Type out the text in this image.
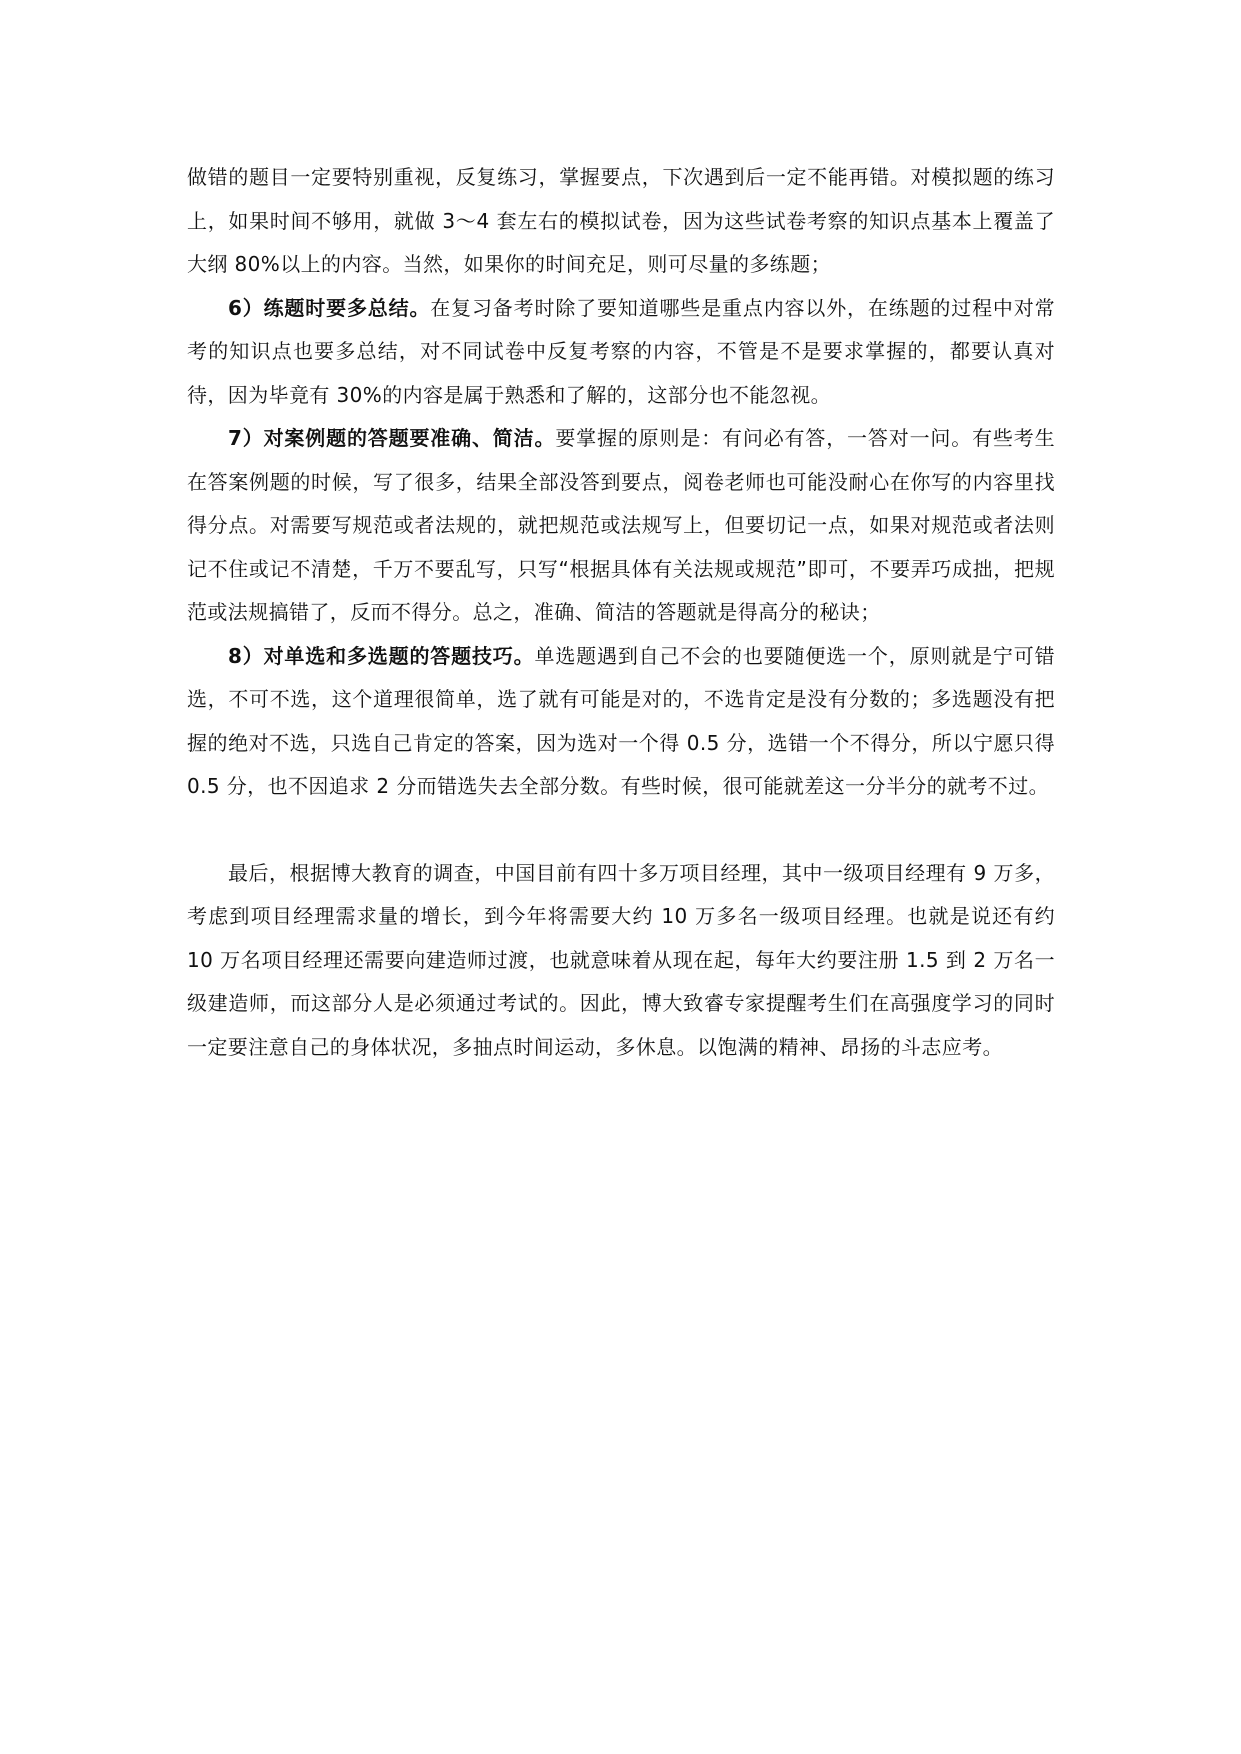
做错的题目一定要特别重视，反复练习，掌握要点，下次遇到后一定不能再错。对模拟题的练习上，如果时间不够用，就做 3～4 套左右的模拟试卷，因为这些试卷考察的知识点基本上覆盖了大纲 80%以上的内容。当然，如果你的时间充足，则可尽量的多练题；

6）练题时要多总结。在复习备考时除了要知道哪些是重点内容以外，在练题的过程中对常考的知识点也要多总结，对不同试卷中反复考察的内容，不管是不是要求掌握的，都要认真对待，因为毕竟有 30%的内容是属于熟悉和了解的，这部分也不能忽视。

7）对案例题的答题要准确、简洁。要掌握的原则是：有问必有答，一答对一问。有些考生在答案例题的时候，写了很多，结果全部没答到要点，阅卷老师也可能没耐心在你写的内容里找得分点。对需要写规范或者法规的，就把规范或法规写上，但要切记一点，如果对规范或者法则记不住或记不清楚，千万不要乱写，只写“根据具体有关法规或规范”即可，不要弄巧成拙，把规范或法规搞错了，反而不得分。总之，准确、简洁的答题就是得高分的秘诀；

8）对单选和多选题的答题技巧。单选题遇到自己不会的也要随便选一个，原则就是宁可错选，不可不选，这个道理很简单，选了就有可能是对的，不选肯定是没有分数的；多选题没有把握的绝对不选，只选自己肯定的答案，因为选对一个得 0.5 分，选错一个不得分，所以宁愿只得 0.5 分，也不因追求 2 分而错选失去全部分数。有些时候，很可能就差这一分半分的就考不过。

最后，根据博大教育的调查，中国目前有四十多万项目经理，其中一级项目经理有 9 万多，考虑到项目经理需求量的增长，到今年将需要大约 10 万多名一级项目经理。也就是说还有约 10 万名项目经理还需要向建造师过渡，也就意味着从现在起，每年大约要注册 1.5 到 2 万名一级建造师，而这部分人是必须通过考试的。因此，博大致睿专家提醒考生们在高强度学习的同时一定要注意自己的身体状况，多抽点时间运动，多休息。以饱满的精神、昂扬的斗志应考。
